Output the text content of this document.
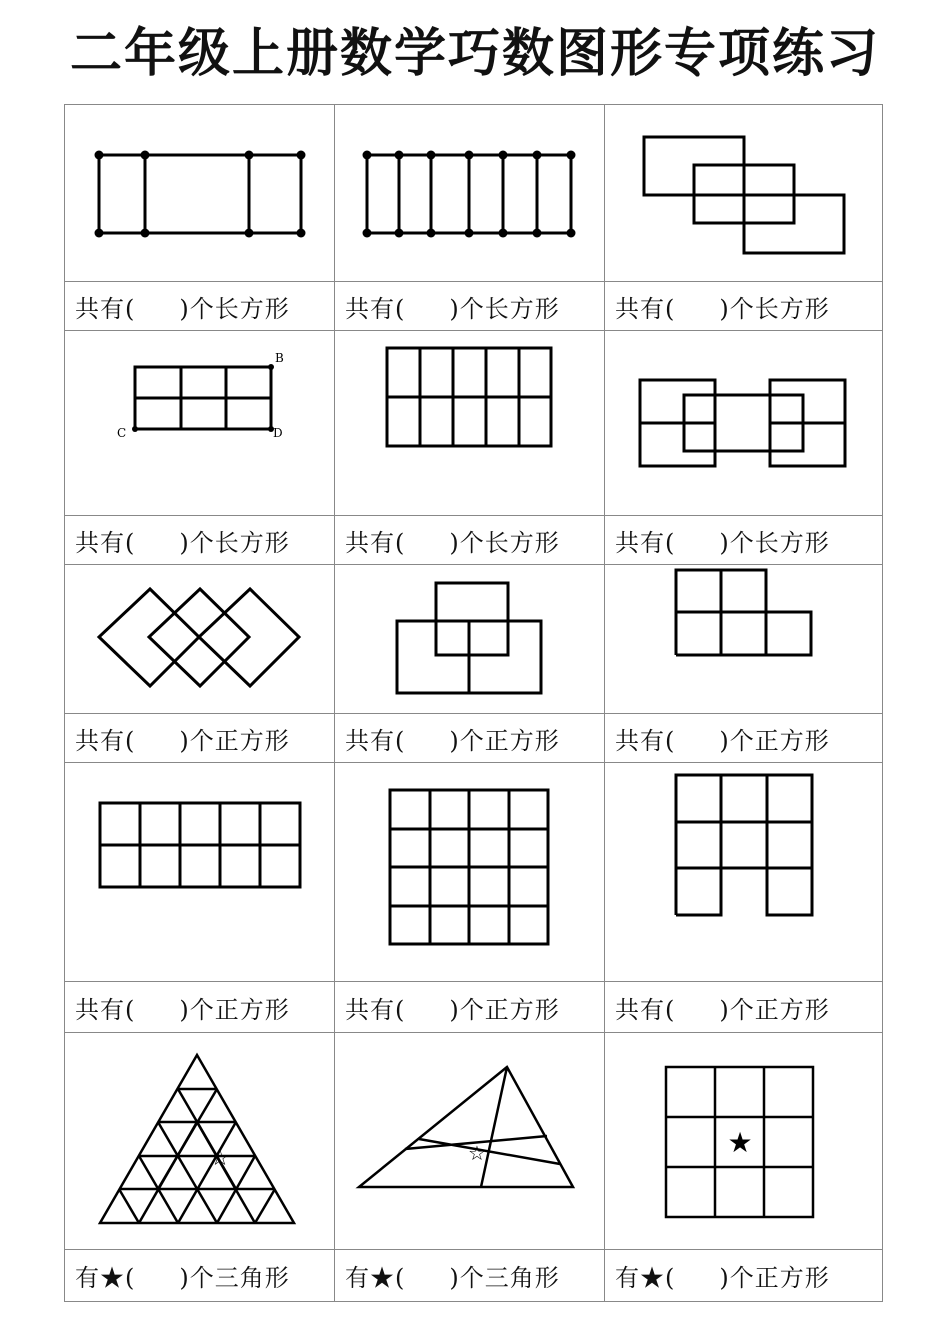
二年级上册数学巧数图形专项练习
共有( )个长方形 共有( )个长方形 共有( )个长方形
B
C	D
共有( )个长方形 共有( )个长方形 共有( )个长方形
共有( )个正方形 共有( )个正方形 共有( )个正方形
共有( )个正方形 共有( )个正方形 共有( )个正方形
☆
有★( )个三角形
☆
有★( )个三角形
★
有★( )个正方形
